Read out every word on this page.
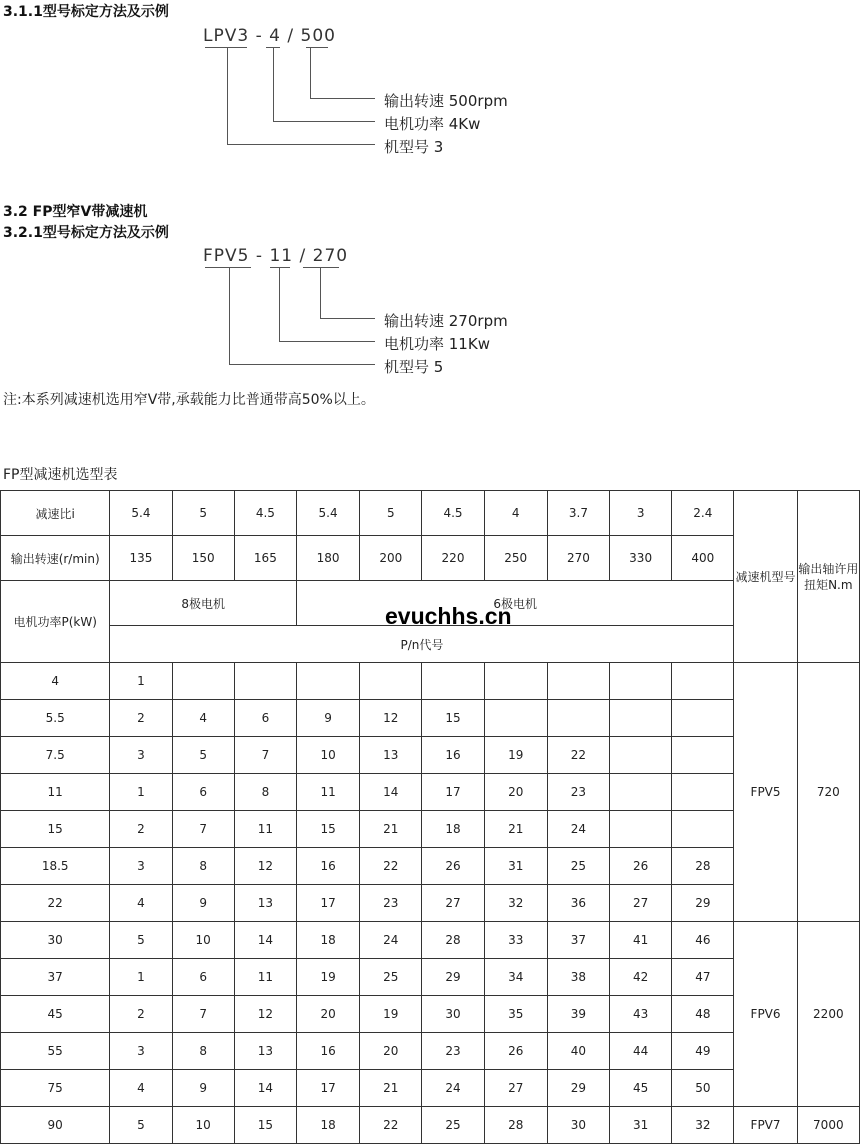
3.1.1型号标定方法及示例
LPV3 - 4 / 500
输出转速 500rpm
电机功率 4Kw
机型号 3
3.2 FP型窄V带减速机
3.2.1型号标定方法及示例
FPV5 - 11 / 270
输出转速 270rpm
电机功率 11Kw
机型号 5
注:本系列减速机选用窄V带,承载能力比普通带高50%以上。
FP型减速机选型表
减速比i	5.4	5	4.5	5.4	5	4.5	4	3.7	3	2.4	减速机型号	输出轴许用扭矩N.m
输出转速(r/min)	135	150	165	180	200	220	250	270	330	400		
电机功率P(kW)	8极电机			6极电机								
	P/n代号											
4	1										FPV5	720
5.5	2	4	6	9	12	15						
7.5	3	5	7	10	13	16	19	22				
11	1	6	8	11	14	17	20	23				
15	2	7	11	15	21	18	21	24				
18.5	3	8	12	16	22	26	31	25	26	28		
22	4	9	13	17	23	27	32	36	27	29		
30	5	10	14	18	24	28	33	37	41	46	FPV6	2200
37	1	6	11	19	25	29	34	38	42	47		
45	2	7	12	20	19	30	35	39	43	48		
55	3	8	13	16	20	23	26	40	44	49		
75	4	9	14	17	21	24	27	29	45	50		
90	5	10	15	18	22	25	28	30	31	32	FPV7	7000
evuchhs.cn
